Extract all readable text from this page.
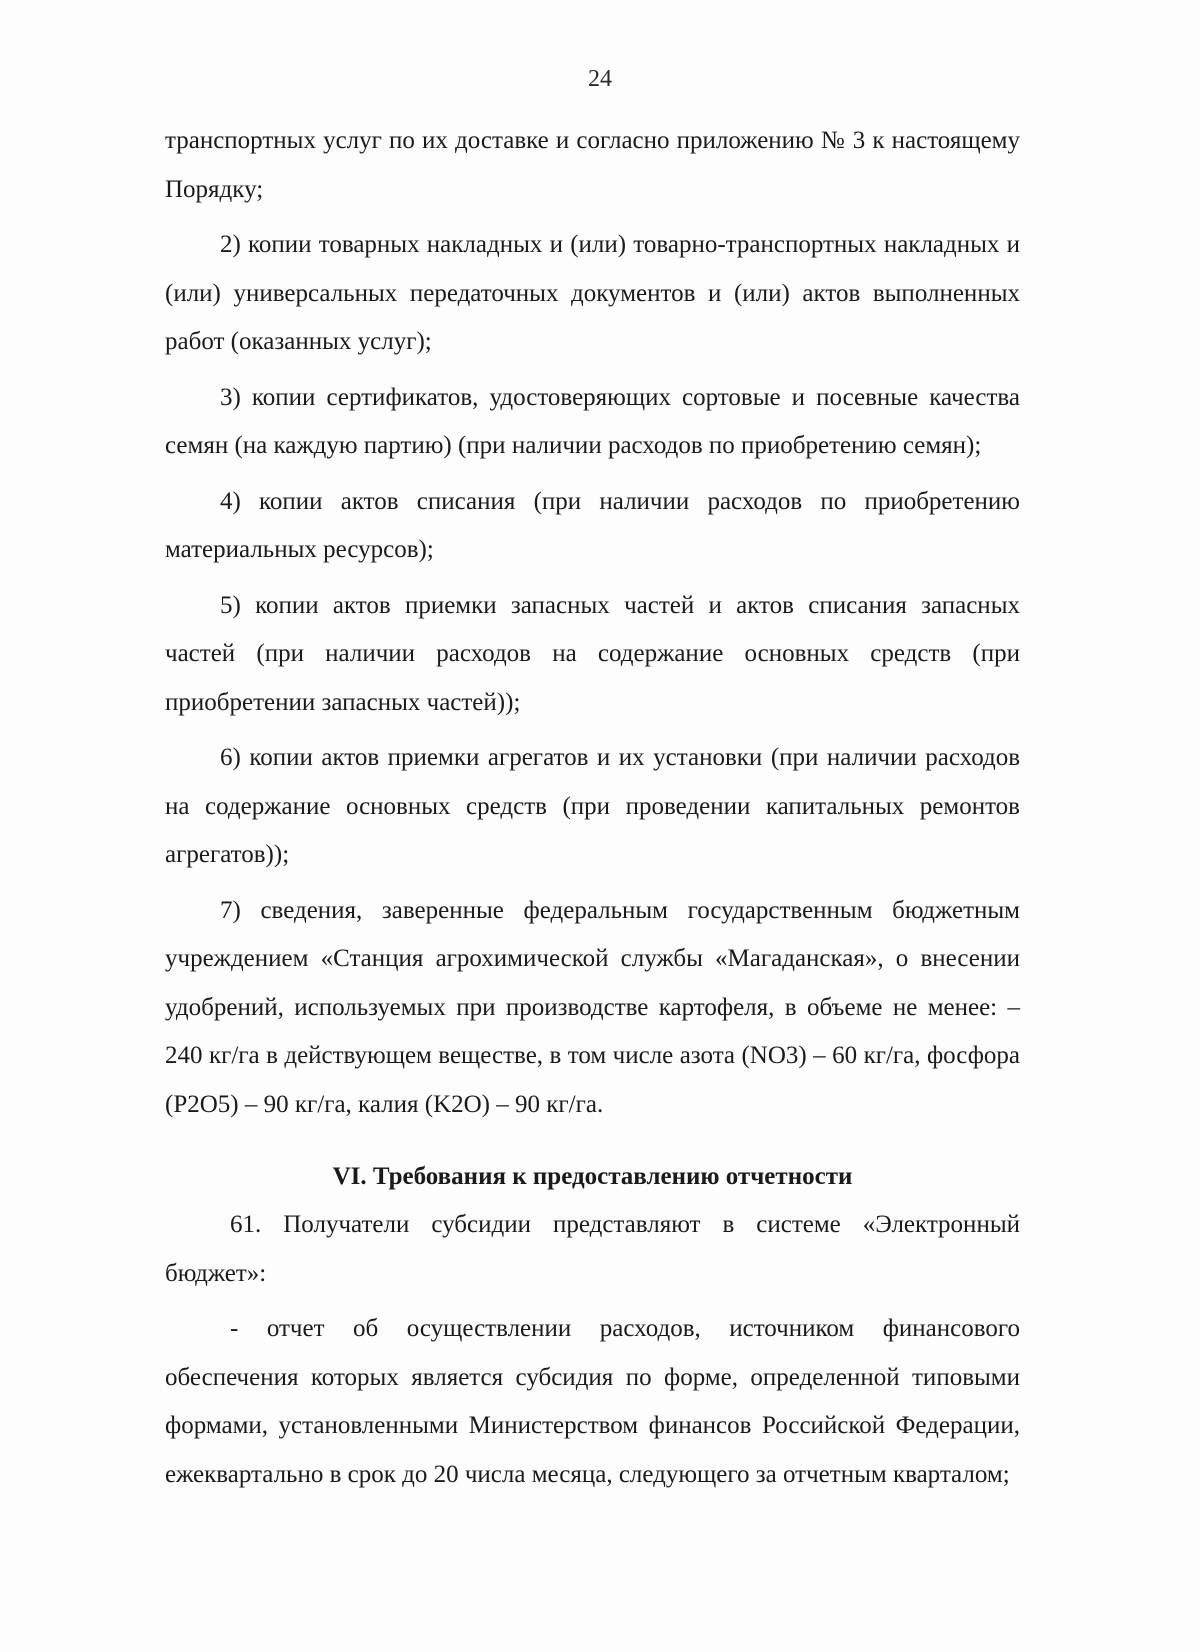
24

транспортных услуг по их доставке и согласно приложению № 3 к настоящему Порядку;

2) копии товарных накладных и (или) товарно-транспортных накладных и (или) универсальных передаточных документов и (или) актов выполненных работ (оказанных услуг);

3) копии сертификатов, удостоверяющих сортовые и посевные качества семян (на каждую партию) (при наличии расходов по приобретению семян);

4) копии актов списания (при наличии расходов по приобретению материальных ресурсов);

5) копии актов приемки запасных частей и актов списания запасных частей (при наличии расходов на содержание основных средств (при приобретении запасных частей));

6) копии актов приемки агрегатов и их установки (при наличии расходов на содержание основных средств (при проведении капитальных ремонтов агрегатов));

7) сведения, заверенные федеральным государственным бюджетным учреждением «Станция агрохимической службы «Магаданская», о внесении удобрений, используемых при производстве картофеля, в объеме не менее: – 240 кг/га в действующем веществе, в том числе азота (NO3) – 60 кг/га, фосфора (P2O5) – 90 кг/га, калия (K2O) – 90 кг/га.

VI. Требования к предоставлению отчетности

61. Получатели субсидии представляют в системе «Электронный бюджет»:

- отчет об осуществлении расходов, источником финансового обеспечения которых является субсидия по форме, определенной типовыми формами, установленными Министерством финансов Российской Федерации, ежеквартально в срок до 20 числа месяца, следующего за отчетным кварталом;
